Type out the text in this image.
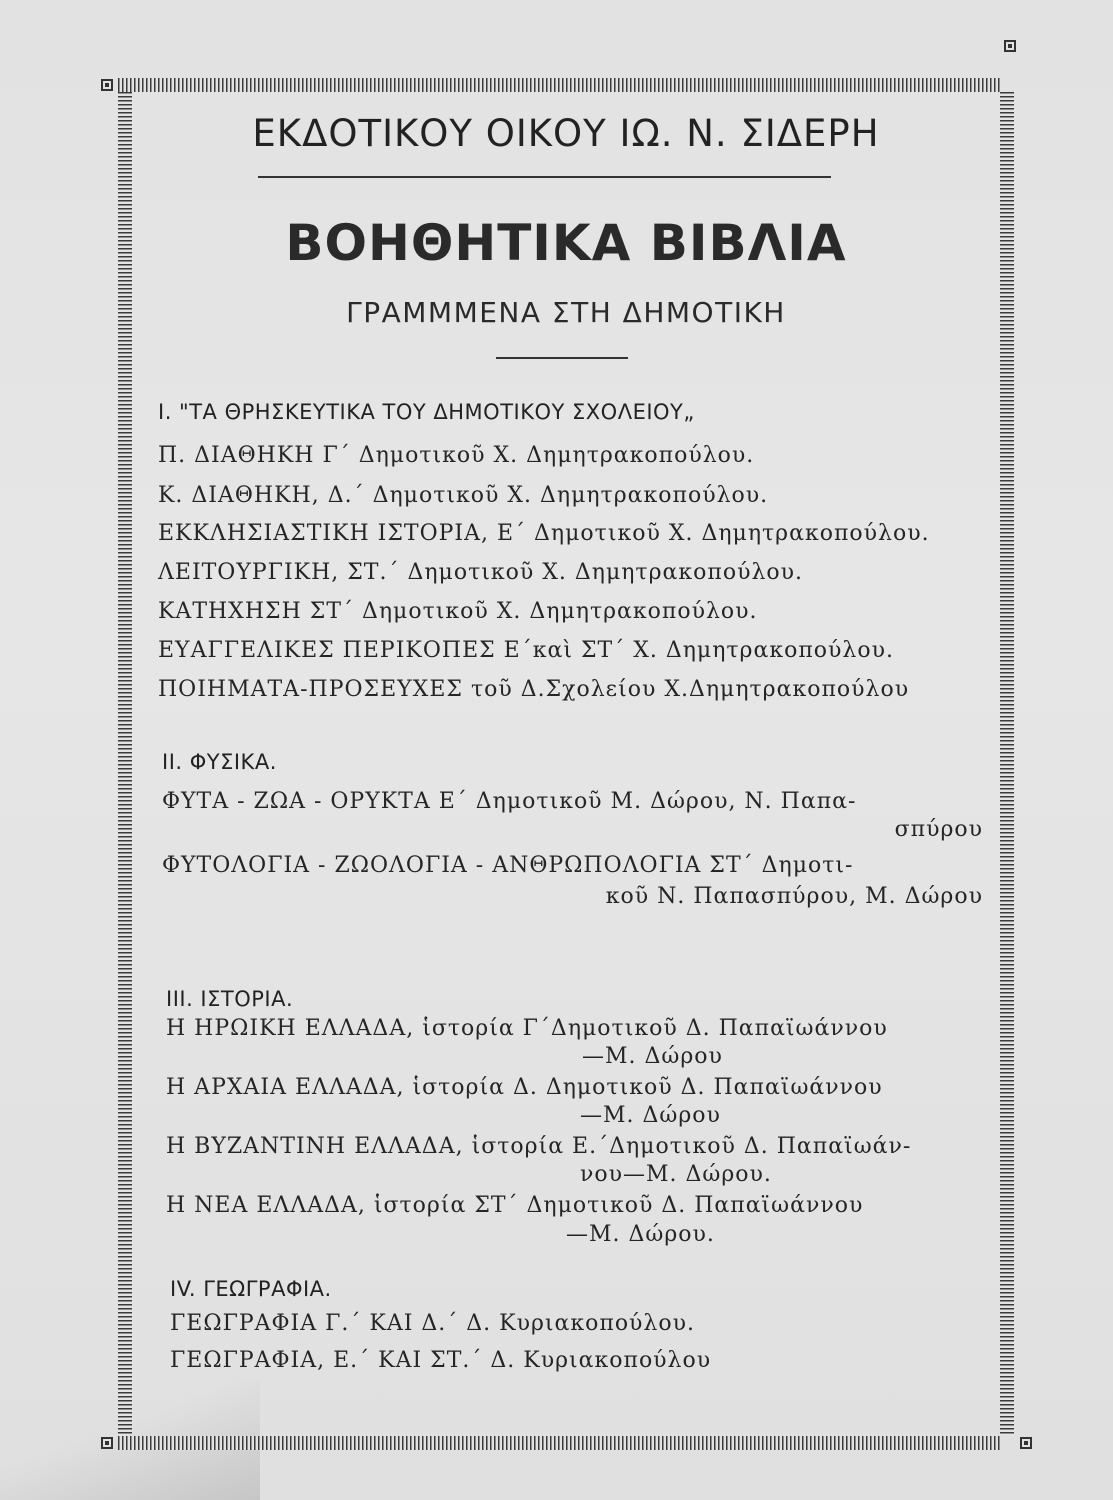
ΕΚΔΟΤΙΚΟΥ ΟΙΚΟΥ ΙΩ. Ν. ΣΙΔΕΡΗ
ΒΟΗΘΗΤΙΚΑ ΒΙΒΛΙΑ
ΓΡΑΜΜΜΕΝΑ ΣΤΗ ΔΗΜΟΤΙΚΗ
I. "ΤΑ ΘΡΗΣΚΕΥΤΙΚΑ ΤΟΥ ΔΗΜΟΤΙΚΟΥ ΣΧΟΛΕΙΟΥ„
Π. ΔΙΑΘΗΚΗ Γ΄ Δημοτικοῦ Χ. Δημητρακοπούλου.
Κ. ΔΙΑΘΗΚΗ, Δ.΄ Δημοτικοῦ Χ. Δημητρακοπούλου.
ΕΚΚΛΗΣΙΑΣΤΙΚΗ ΙΣΤΟΡΙΑ, Ε΄ Δημοτικοῦ Χ. Δημητρακοπούλου.
ΛΕΙΤΟΥΡΓΙΚΗ, ΣΤ.΄ Δημοτικοῦ Χ. Δημητρακοπούλου.
ΚΑΤΗΧΗΣΗ ΣΤ΄ Δημοτικοῦ Χ. Δημητρακοπούλου.
ΕΥΑΓΓΕΛΙΚΕΣ ΠΕΡΙΚΟΠΕΣ Ε΄καὶ ΣΤ΄ Χ. Δημητρακοπούλου.
ΠΟΙΗΜΑΤΑ-ΠΡΟΣΕΥΧΕΣ τοῦ Δ.Σχολείου Χ.Δημητρακοπούλου
II. ΦΥΣΙΚΑ.
ΦΥΤΑ - ΖΩΑ - ΟΡΥΚΤΑ Ε΄ Δημοτικοῦ Μ. Δώρου, Ν. Παπα-
σπύρου
ΦΥΤΟΛΟΓΙΑ - ΖΩΟΛΟΓΙΑ - ΑΝΘΡΩΠΟΛΟΓΙΑ ΣΤ΄ Δημοτι-
κοῦ Ν. Παπασπύρου, Μ. Δώρου
III. ΙΣΤΟΡΙΑ.
Η ΗΡΩΙΚΗ ΕΛΛΑΔΑ, ἱστορία Γ΄Δημοτικοῦ Δ. Παπαϊωάννου
—Μ. Δώρου
Η ΑΡΧΑΙΑ ΕΛΛΑΔΑ, ἱστορία Δ. Δημοτικοῦ Δ. Παπαϊωάννου
—Μ. Δώρου
Η ΒΥΖΑΝΤΙΝΗ ΕΛΛΑΔΑ, ἱστορία Ε.΄Δημοτικοῦ Δ. Παπαϊωάν-
νου—Μ. Δώρου.
Η ΝΕΑ ΕΛΛΑΔΑ, ἱστορία ΣΤ΄ Δημοτικοῦ Δ. Παπαϊωάννου
—Μ. Δώρου.
IV. ΓΕΩΓΡΑΦΙΑ.
ΓΕΩΓΡΑΦΙΑ Γ.΄ ΚΑΙ Δ.΄ Δ. Κυριακοπούλου.
ΓΕΩΓΡΑΦΙΑ, Ε.΄ ΚΑΙ ΣΤ.΄ Δ. Κυριακοπούλου
